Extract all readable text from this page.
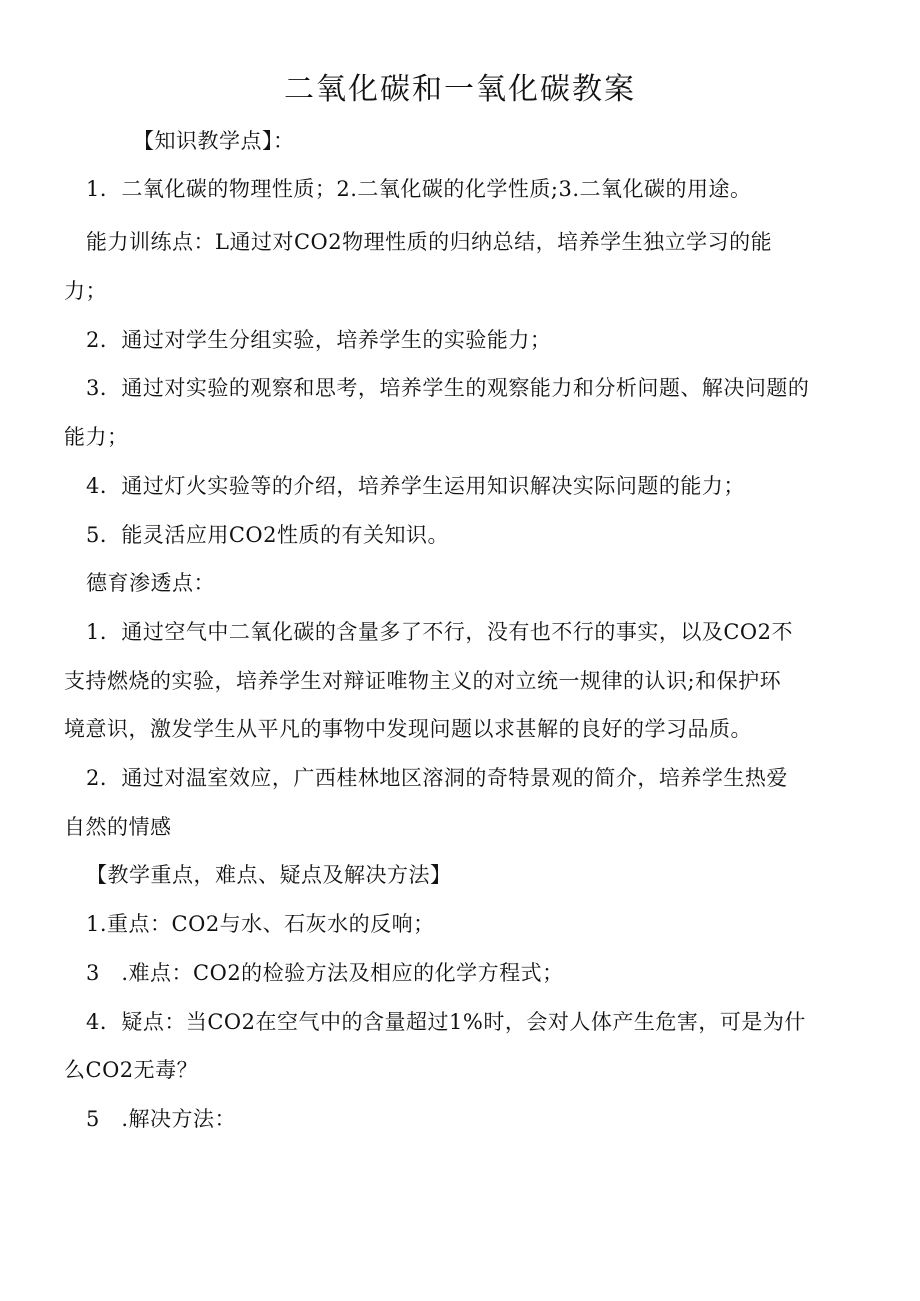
二氧化碳和一氧化碳教案
【知识教学点】：
1．二氧化碳的物理性质；2.二氧化碳的化学性质;3.二氧化碳的用途。
能力训练点：L通过对CO2物理性质的归纳总结，培养学生独立学习的能
力；
2．通过对学生分组实验，培养学生的实验能力；
3．通过对实验的观察和思考，培养学生的观察能力和分析问题、解决问题的
能力；
4．通过灯火实验等的介绍，培养学生运用知识解决实际问题的能力；
5．能灵活应用CO2性质的有关知识。
德育渗透点：
1．通过空气中二氧化碳的含量多了不行，没有也不行的事实，以及CO2不
支持燃烧的实验，培养学生对辩证唯物主义的对立统一规律的认识;和保护环
境意识，激发学生从平凡的事物中发现问题以求甚解的良好的学习品质。
2．通过对温室效应，广西桂林地区溶洞的奇特景观的简介，培养学生热爱
自然的情感
【教学重点，难点、疑点及解决方法】
1.重点：CO2与水、石灰水的反响；
3　.难点：CO2的检验方法及相应的化学方程式；
4．疑点：当CO2在空气中的含量超过1%时，会对人体产生危害，可是为什
么CO2无毒？
5　.解决方法：
